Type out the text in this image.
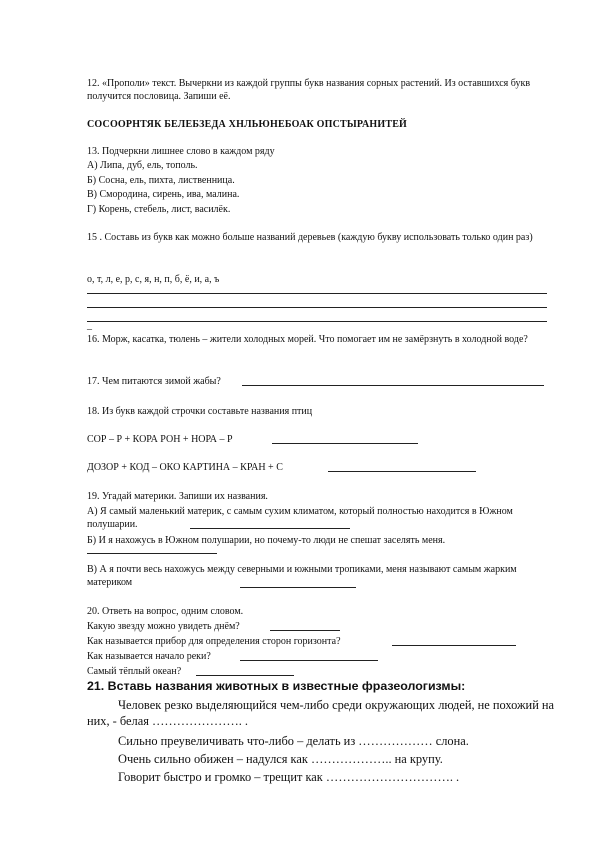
12. «Прополи» текст. Вычеркни из каждой группы букв названия сорных растений. Из оставшихся букв получится пословица. Запиши её.
СОСООРНТЯК БЕЛЕБЗЕДА ХНЛЬЮНЕБОАК ОПСТЫРАНИТЕЙ
13. Подчеркни лишнее слово в каждом ряду
А) Липа, дуб, ель, тополь.
Б) Сосна, ель, пихта, лиственница.
В) Смородина, сирень, ива, малина.
Г) Корень, стебель, лист, василёк.
15 . Составь из букв как можно больше названий деревьев (каждую букву использовать только один раз)
о, т, л, е, р, с, я, н, п, б, ё, и, а, ъ
_
16. Морж, касатка, тюлень – жители холодных морей. Что помогает им не замёрзнуть в холодной воде?
17. Чем питаются зимой жабы?
18. Из букв каждой строчки составьте названия птиц
СОР – Р + КОРА РОН + НОРА – Р
ДОЗОР + КОД – ОКО КАРТИНА – КРАН + С
19. Угадай материки. Запиши их названия.
А) Я самый маленький материк, с самым сухим климатом, который полностью находится в Южном полушарии.
Б) И я нахожусь в Южном полушарии, но почему-то люди не спешат заселять меня.
В) А я почти весь нахожусь между северными и южными тропиками, меня называют самым жарким материком
20. Ответь на вопрос, одним словом.
Какую звезду можно увидеть днём?
Как называется прибор для определения сторон горизонта?
Как называется начало реки?
Самый тёплый океан?
21. Вставь названия животных в известные фразеологизмы:
Человек резко выделяющийся чем-либо среди окружающих людей, не похожий на них, - белая …………………. .
Сильно преувеличивать что-либо – делать из ……………… слона.
Очень сильно обижен – надулся как ……………….. на крупу.
Говорит быстро и громко – трещит как …………………………. .
